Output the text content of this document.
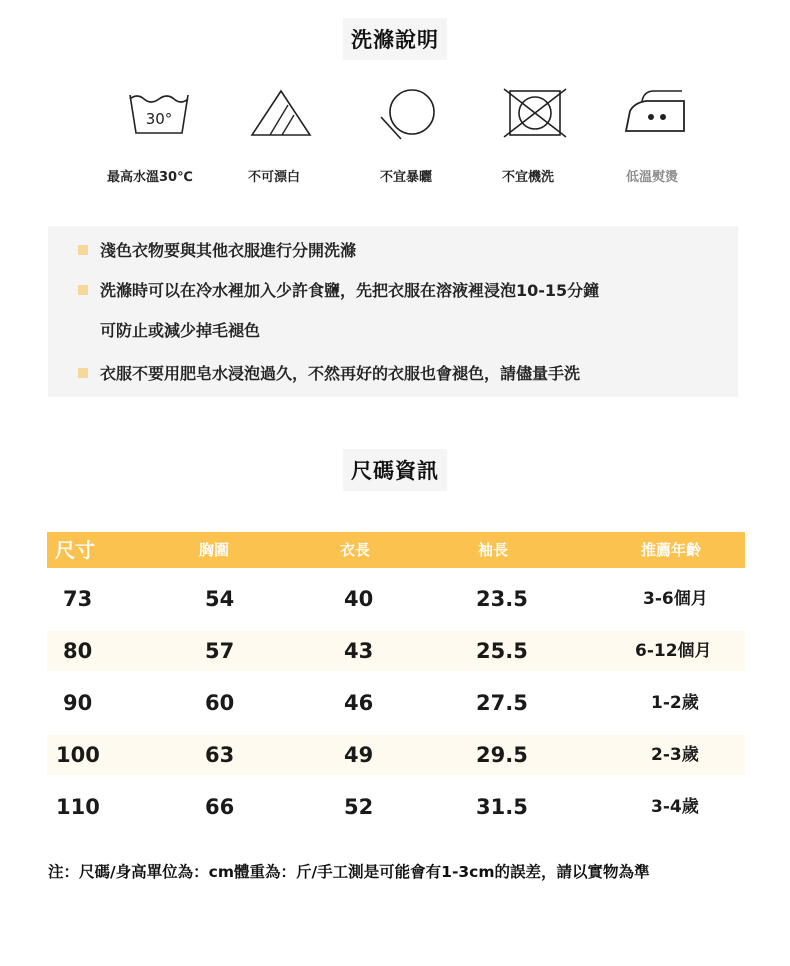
洗滌說明
30°
最高水溫30℃	不可漂白	不宜暴曬	不宜機洗	低溫熨燙
淺色衣物要與其他衣服進行分開洗滌
洗滌時可以在冷水裡加入少許食鹽，先把衣服在溶液裡浸泡10-15分鐘
可防止或減少掉毛褪色
衣服不要用肥皂水浸泡過久，不然再好的衣服也會褪色，請儘量手洗
尺碼資訊
尺寸	胸圍	衣長	袖長	推薦年齡
73	54	40	23.5	3-6個月
80	57	43	25.5	6-12個月
90	60	46	27.5	1-2歲
100	63	49	29.5	2-3歲
110	66	52	31.5	3-4歲
注：尺碼/身高單位為：cm體重為：斤/手工測是可能會有1-3cm的誤差，請以實物為準
